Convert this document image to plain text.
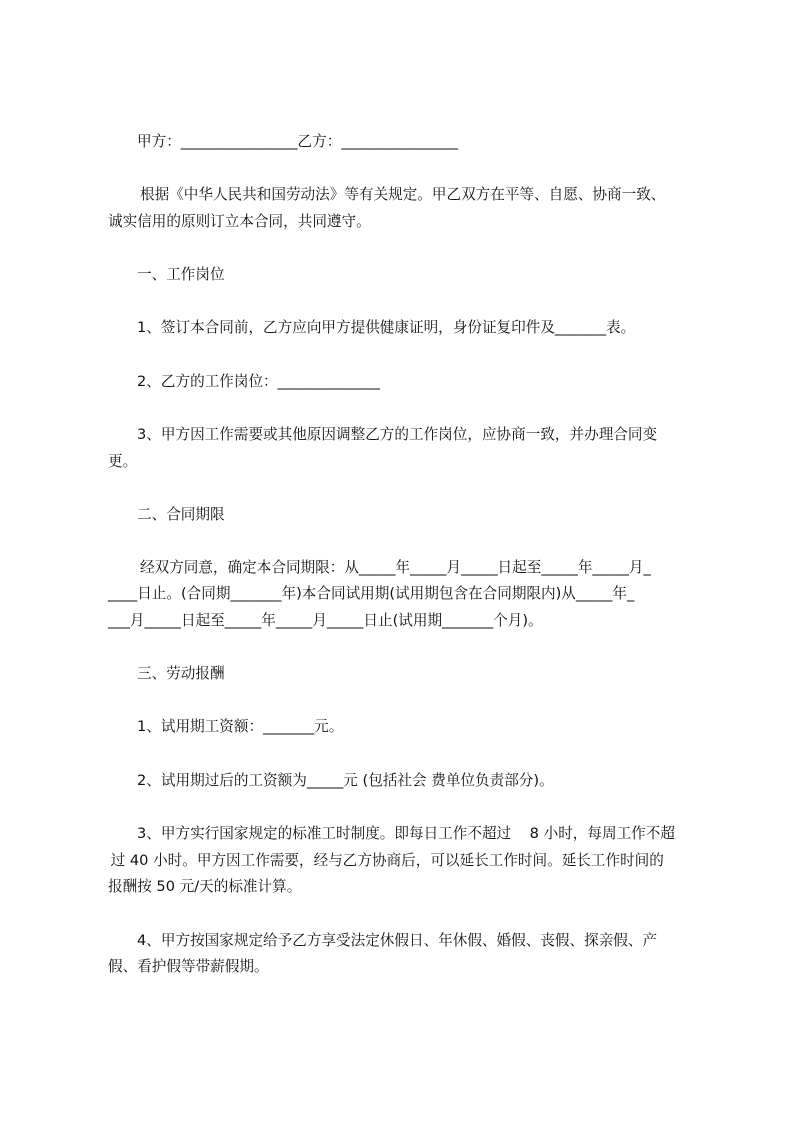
甲方：________________乙方：________________
根据《中华人民共和国劳动法》等有关规定。甲乙双方在平等、自愿、协商一致、
诚实信用的原则订立本合同，共同遵守。
一、工作岗位
1、签订本合同前，乙方应向甲方提供健康证明，身份证复印件及_______表。
2、乙方的工作岗位：______________
3、甲方因工作需要或其他原因调整乙方的工作岗位，应协商一致，并办理合同变
更。
二、合同期限
经双方同意，确定本合同期限：从_____年_____月_____日起至_____年_____月_
____日止。(合同期_______年)本合同试用期(试用期包含在合同期限内)从_____年_
___月_____日起至_____年_____月_____日止(试用期_______个月)。
三、劳动报酬
1、试用期工资额：_______元。
2、试用期过后的工资额为_____元 (包括社会 费单位负责部分)。
3、甲方实行国家规定的标准工时制度。即每日工作不超过    8 小时，每周工作不超
过 40 小时。甲方因工作需要，经与乙方协商后，可以延长工作时间。延长工作时间的
报酬按 50 元/天的标准计算。
4、甲方按国家规定给予乙方享受法定休假日、年休假、婚假、丧假、探亲假、产
假、看护假等带薪假期。
